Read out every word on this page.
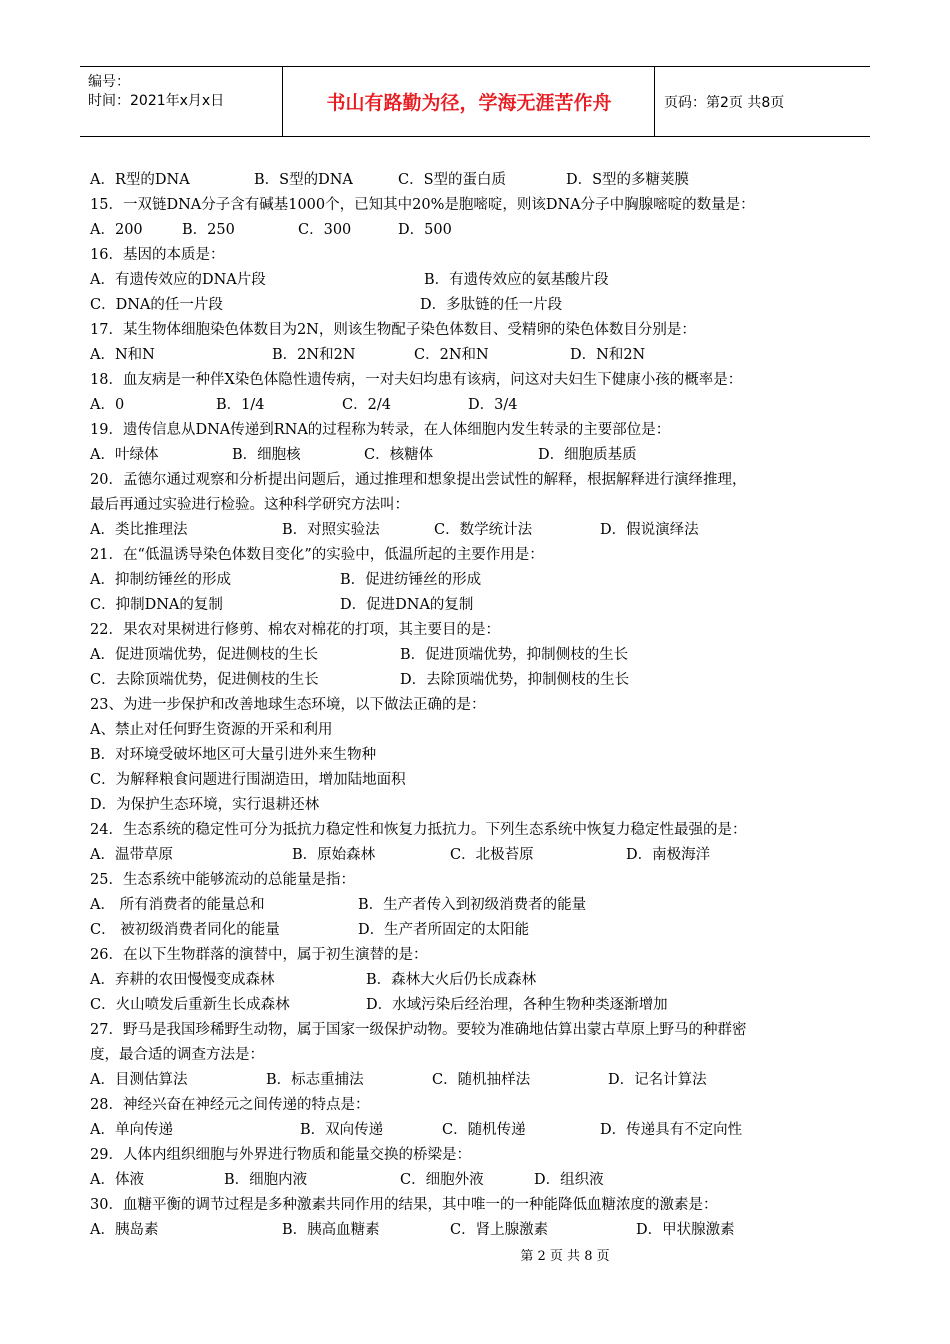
编号：
时间：2021年x月x日	书山有路勤为径，学海无涯苦作舟	页码：第2页 共8页
A．R型的DNA	B．S型的DNA	C．S型的蛋白质	D．S型的多糖荚膜
15．一双链DNA分子含有碱基1000个，已知其中20%是胞嘧啶，则该DNA分子中胸腺嘧啶的数量是：
A．200	B．250	C．300	D．500
16．基因的本质是：
A．有遗传效应的DNA片段	B．有遗传效应的氨基酸片段
C．DNA的任一片段	D．多肽链的任一片段
17．某生物体细胞染色体数目为2N，则该生物配子染色体数目、受精卵的染色体数目分别是：
A．N和N	B．2N和2N	C．2N和N	D．N和2N
18．血友病是一种伴X染色体隐性遗传病，一对夫妇均患有该病，问这对夫妇生下健康小孩的概率是：
A．0	B．1/4	C．2/4	D．3/4
19．遗传信息从DNA传递到RNA的过程称为转录，在人体细胞内发生转录的主要部位是：
A．叶绿体	B．细胞核	C．核糖体	D．细胞质基质
20．孟德尔通过观察和分析提出问题后，通过推理和想象提出尝试性的解释，根据解释进行演绎推理，
最后再通过实验进行检验。这种科学研究方法叫：
A．类比推理法	B．对照实验法	C．数学统计法	D．假说演绎法
21．在“低温诱导染色体数目变化”的实验中，低温所起的主要作用是：
A．抑制纺锤丝的形成	B．促进纺锤丝的形成
C．抑制DNA的复制	D．促进DNA的复制
22．果农对果树进行修剪、棉农对棉花的打项，其主要目的是：
A．促进顶端优势，促进侧枝的生长	B．促进顶端优势，抑制侧枝的生长
C．去除顶端优势，促进侧枝的生长	D．去除顶端优势，抑制侧枝的生长
23、为进一步保护和改善地球生态环境，以下做法正确的是：
A、禁止对任何野生资源的开采和利用
B．对环境受破坏地区可大量引进外来生物种
C．为解释粮食问题进行围湖造田，增加陆地面积
D．为保护生态环境，实行退耕还林
24．生态系统的稳定性可分为抵抗力稳定性和恢复力抵抗力。下列生态系统中恢复力稳定性最强的是：
A．温带草原	B．原始森林	C．北极苔原	D．南极海洋
25．生态系统中能够流动的总能量是指：
A． 所有消费者的能量总和	B．生产者传入到初级消费者的能量
C． 被初级消费者同化的能量	D．生产者所固定的太阳能
26．在以下生物群落的演替中，属于初生演替的是：
A．弃耕的农田慢慢变成森林	B．森林大火后仍长成森林
C．火山喷发后重新生长成森林	D．水域污染后经治理，各种生物种类逐渐增加
27．野马是我国珍稀野生动物，属于国家一级保护动物。要较为准确地估算出蒙古草原上野马的种群密
度，最合适的调查方法是：
A．目测估算法	B．标志重捕法	C．随机抽样法	D．记名计算法
28．神经兴奋在神经元之间传递的特点是：
A．单向传递	B．双向传递	C．随机传递	D．传递具有不定向性
29．人体内组织细胞与外界进行物质和能量交换的桥梁是：
A．体液	B．细胞内液	C．细胞外液	D．组织液
30．血糖平衡的调节过程是多种激素共同作用的结果，其中唯一的一种能降低血糖浓度的激素是：
A．胰岛素	B．胰高血糖素	C．肾上腺激素	D．甲状腺激素
第 2 页 共 8 页
